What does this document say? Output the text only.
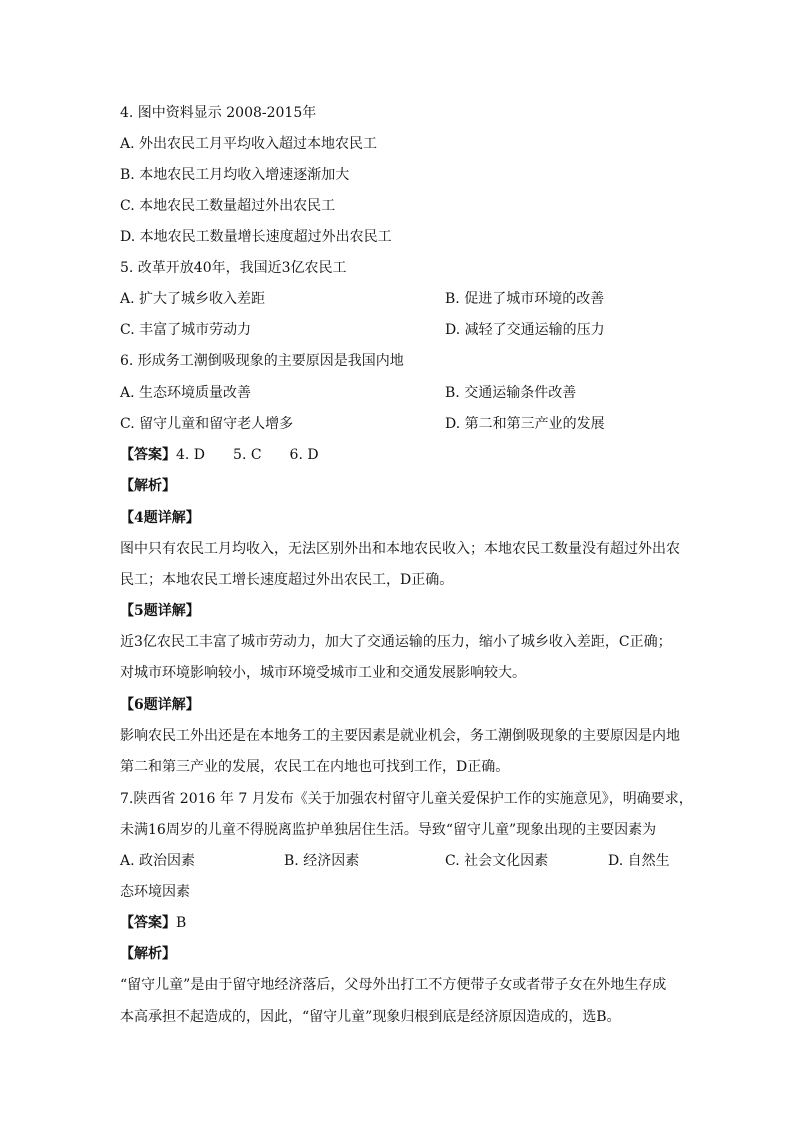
4. 图中资料显示 2008-2015年
A. 外出农民工月平均收入超过本地农民工
B. 本地农民工月均收入增速逐渐加大
C. 本地农民工数量超过外出农民工
D. 本地农民工数量增长速度超过外出农民工
5. 改革开放40年，我国近3亿农民工
A. 扩大了城乡收入差距	B. 促进了城市环境的改善
C. 丰富了城市劳动力	D. 减轻了交通运输的压力
6. 形成务工潮倒吸现象的主要原因是我国内地
A. 生态环境质量改善	B. 交通运输条件改善
C. 留守儿童和留守老人增多	D. 第二和第三产业的发展
【答案】4. D　　5. C　　6. D
【解析】
【4题详解】
图中只有农民工月均收入，无法区别外出和本地农民收入；本地农民工数量没有超过外出农
民工；本地农民工增长速度超过外出农民工，D正确。
【5题详解】
近3亿农民工丰富了城市劳动力，加大了交通运输的压力，缩小了城乡收入差距，C正确；
对城市环境影响较小，城市环境受城市工业和交通发展影响较大。
【6题详解】
影响农民工外出还是在本地务工的主要因素是就业机会，务工潮倒吸现象的主要原因是内地
第二和第三产业的发展，农民工在内地也可找到工作，D正确。
7.陕西省 2016 年 7 月发布《关于加强农村留守儿童关爱保护工作的实施意见》，明确要求，
未满16周岁的儿童不得脱离监护单独居住生活。导致“留守儿童”现象出现的主要因素为
A. 政治因素	B. 经济因素	C. 社会文化因素	D. 自然生
态环境因素
【答案】B
【解析】
“留守儿童”是由于留守地经济落后，父母外出打工不方便带子女或者带子女在外地生存成
本高承担不起造成的，因此，“留守儿童”现象归根到底是经济原因造成的，选B。
